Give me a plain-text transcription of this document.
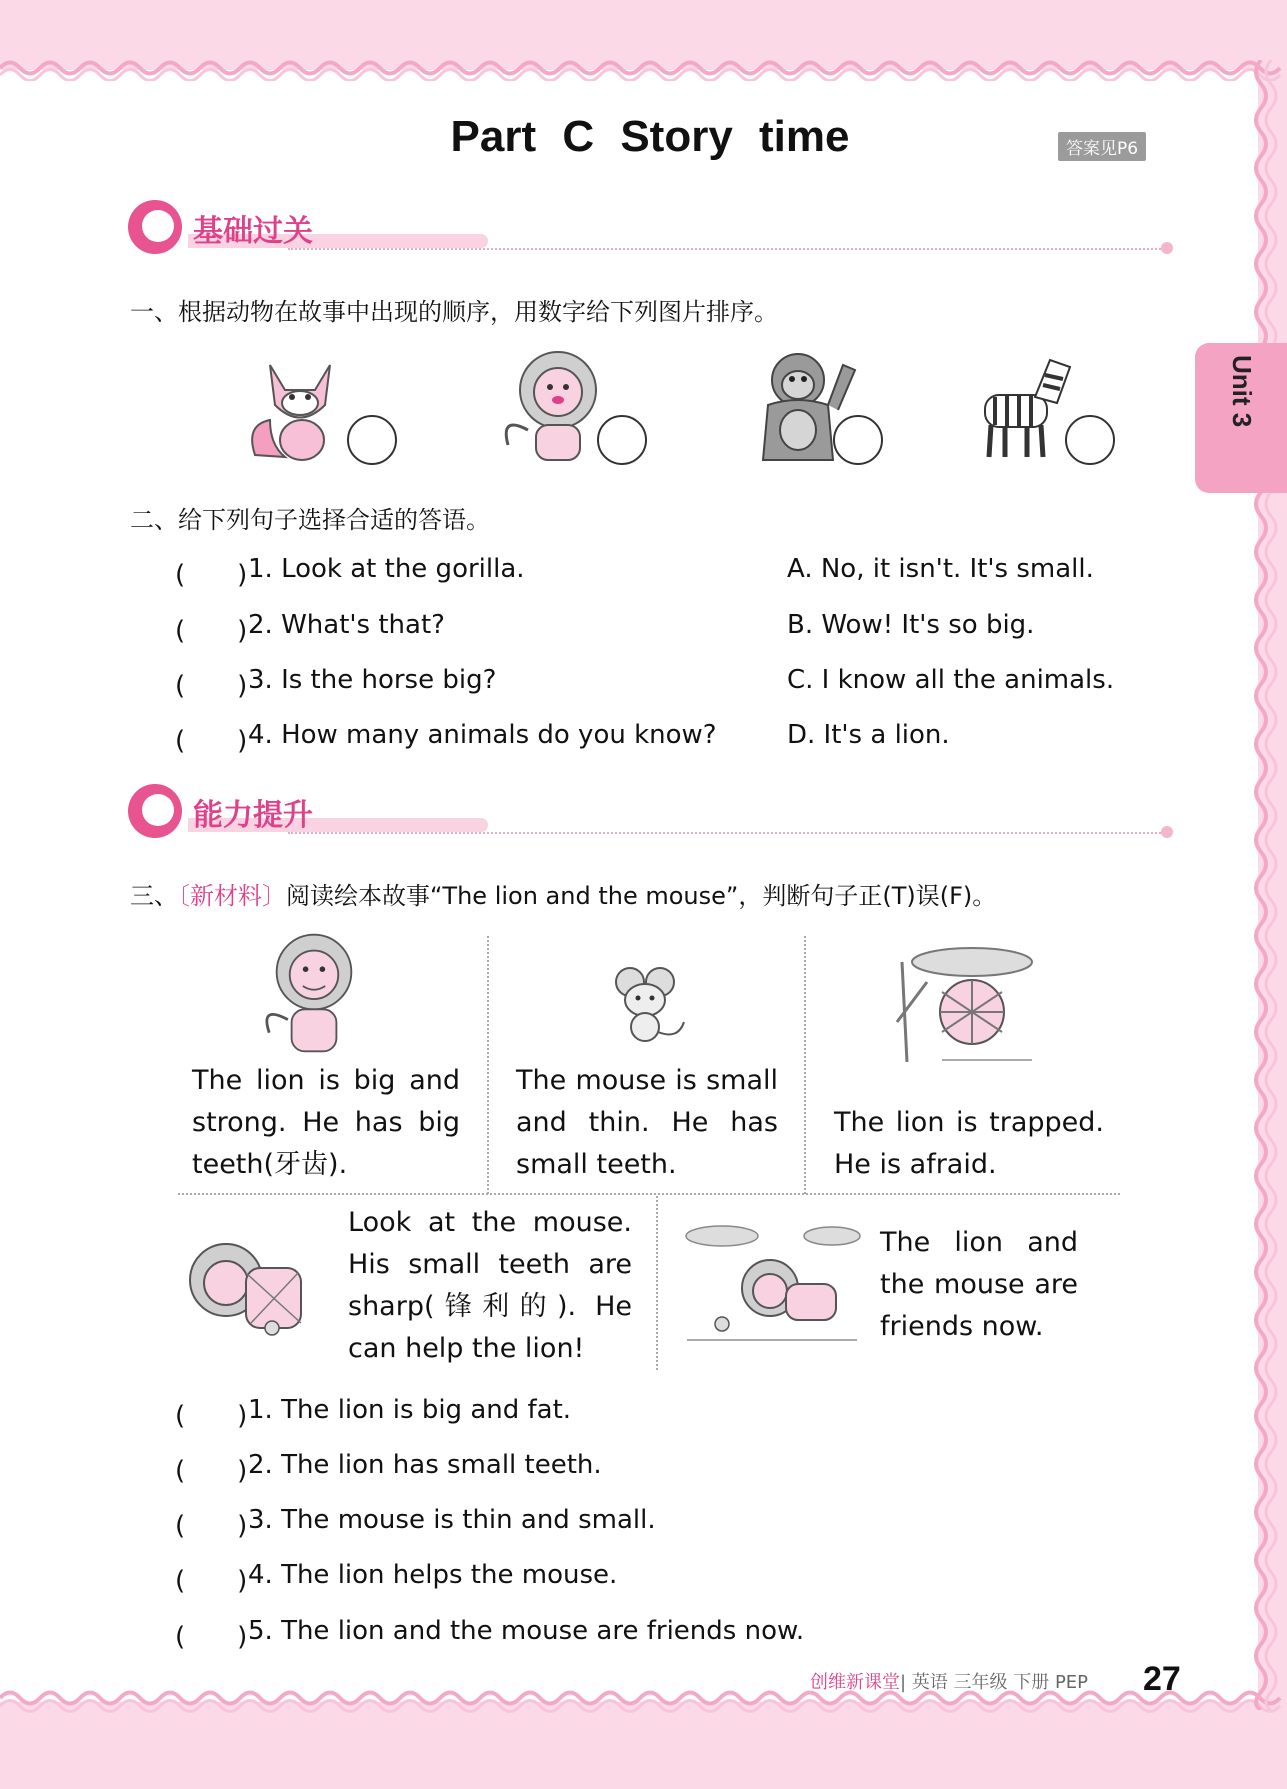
Part C Story time	答案见P6
Unit 3
基础过关
一、根据动物在故事中出现的顺序，用数字给下列图片排序。
二、给下列句子选择合适的答语。
(　　) 1. Look at the gorilla.	A. No, it isn't. It's small.
(　　) 2. What's that?	B. Wow! It's so big.
(　　) 3. Is the horse big?	C. I know all the animals.
(　　) 4. How many animals do you know?	D. It's a lion.
能力提升
三、〔新材料〕阅读绘本故事“The lion and the mouse”，判断句子正(T)误(F)。
The lion is big and strong. He has big teeth(牙齿).
The mouse is small and thin. He has small teeth.
The lion is trapped. He is afraid.
Look at the mouse. His small teeth are sharp(锋利的). He can help the lion!
The lion and the mouse are friends now.
(　　) 1. The lion is big and fat.
(　　) 2. The lion has small teeth.
(　　) 3. The mouse is thin and small.
(　　) 4. The lion helps the mouse.
(　　) 5. The lion and the mouse are friends now.
创维新课堂| 英语 三年级 下册 PEP 27
